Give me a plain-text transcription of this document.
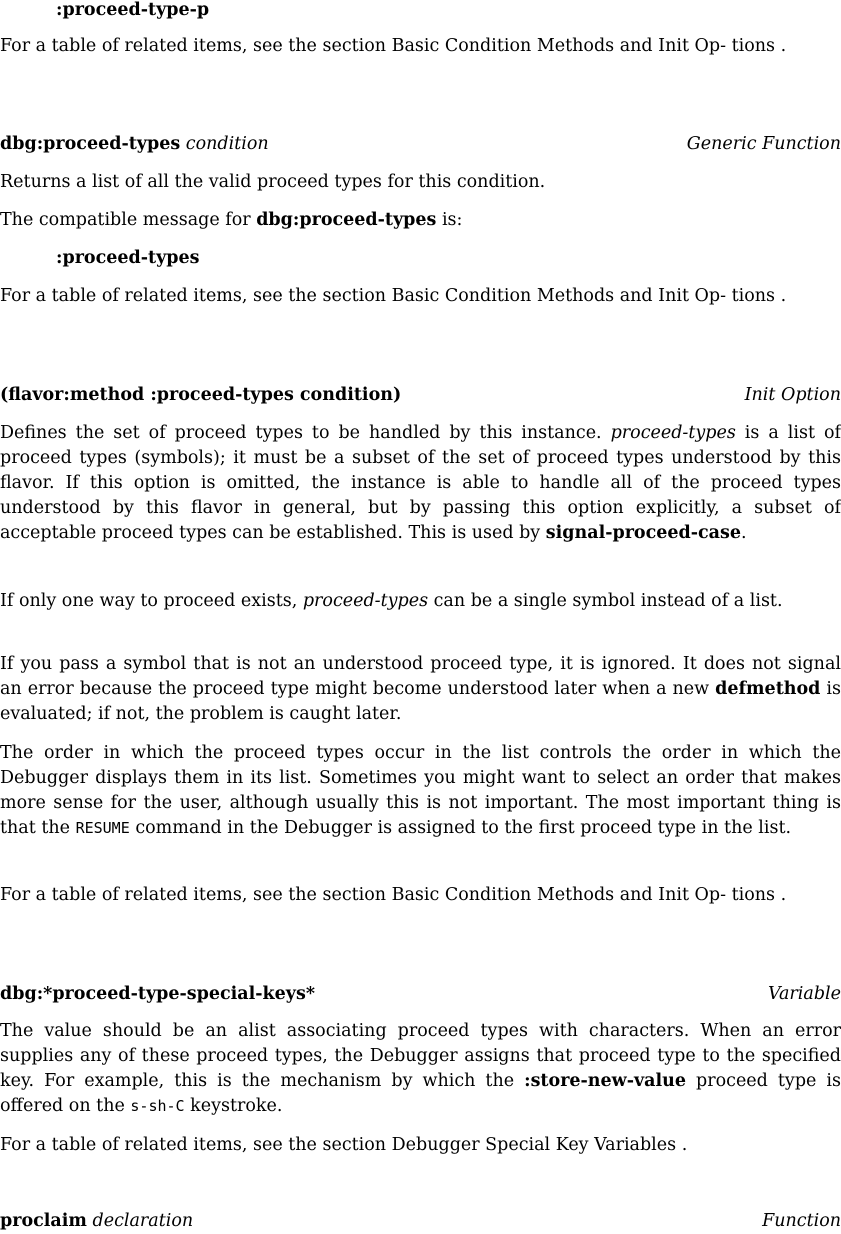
:proceed-type-p

For a table of related items, see the section Basic Condition Methods and Init Op- tions .

dbg:proceed-types condition	Generic Function

Returns a list of all the valid proceed types for this condition.

The compatible message for dbg:proceed-types is:

:proceed-types

For a table of related items, see the section Basic Condition Methods and Init Op- tions .

(flavor:method :proceed-types condition)	Init Option

Defines the set of proceed types to be handled by this instance. proceed-types is a list of proceed types (symbols); it must be a subset of the set of proceed types understood by this flavor. If this option is omitted, the instance is able to handle all of the proceed types understood by this flavor in general, but by passing this option explicitly, a subset of acceptable proceed types can be established. This is used by signal-proceed-case.

If only one way to proceed exists, proceed-types can be a single symbol instead of a list.

If you pass a symbol that is not an understood proceed type, it is ignored. It does not signal an error because the proceed type might become understood later when a new defmethod is evaluated; if not, the problem is caught later.

The order in which the proceed types occur in the list controls the order in which the Debugger displays them in its list. Sometimes you might want to select an order that makes more sense for the user, although usually this is not important. The most important thing is that the RESUME command in the Debugger is assigned to the first proceed type in the list.

For a table of related items, see the section Basic Condition Methods and Init Op- tions .

dbg:*proceed-type-special-keys*	Variable

The value should be an alist associating proceed types with characters. When an error supplies any of these proceed types, the Debugger assigns that proceed type to the specified key. For example, this is the mechanism by which the :store-new-value proceed type is offered on the s-sh-C keystroke.

For a table of related items, see the section Debugger Special Key Variables .

proclaim declaration	Function
